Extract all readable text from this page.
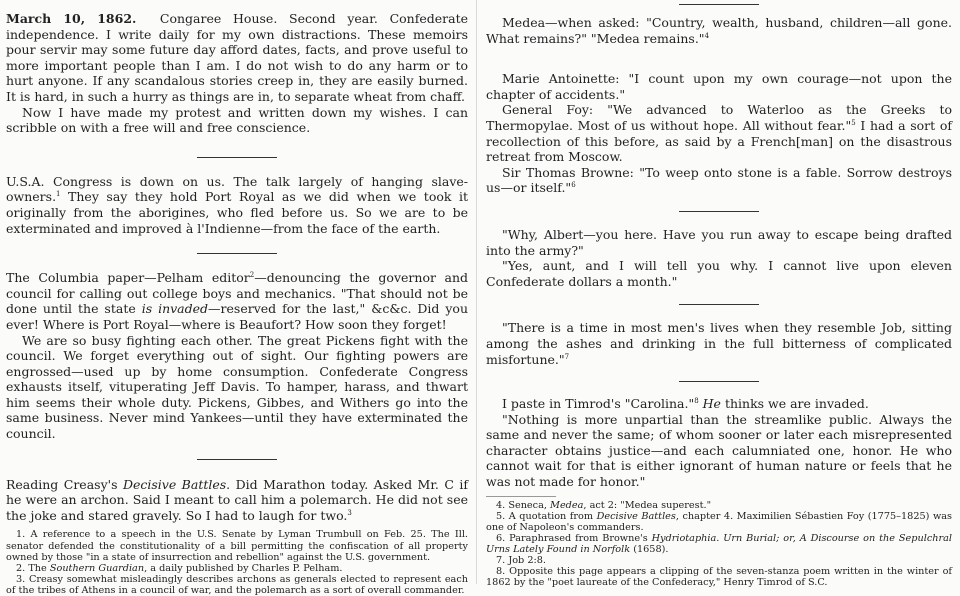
March 10, 1862. Congaree House. Second year. Confederate independence. I write daily for my own distractions. These memoirs pour servir may some future day afford dates, facts, and prove useful to more important people than I am. I do not wish to do any harm or to hurt anyone. If any scandalous stories creep in, they are easily burned. It is hard, in such a hurry as things are in, to separate wheat from chaff.

Now I have made my protest and written down my wishes. I can scribble on with a free will and free conscience.

U.S.A. Congress is down on us. The talk largely of hanging slave-owners.$^1$ They say they hold Port Royal as we did when we took it originally from the aborigines, who fled before us. So we are to be exterminated and improved à l'Indienne—from the face of the earth.

The Columbia paper—Pelham editor$^2$—denouncing the governor and council for calling out college boys and mechanics. "That should not be done until the state is invaded—reserved for the last," &c&c. Did you ever! Where is Port Royal—where is Beaufort? How soon they forget!

We are so busy fighting each other. The great Pickens fight with the council. We forget everything out of sight. Our fighting powers are engrossed—used up by home consumption. Confederate Congress exhausts itself, vituperating Jeff Davis. To hamper, harass, and thwart him seems their whole duty. Pickens, Gibbes, and Withers go into the same business. Never mind Yankees—until they have exterminated the council.

Reading Creasy's Decisive Battles. Did Marathon today. Asked Mr. C if he were an archon. Said I meant to call him a polemarch. He did not see the joke and stared gravely. So I had to laugh for two.$^3$

1. A reference to a speech in the U.S. Senate by Lyman Trumbull on Feb. 25. The Ill. senator defended the constitutionality of a bill permitting the confiscation of all property owned by those "in a state of insurrection and rebellion" against the U.S. government.

2. The Southern Guardian, a daily published by Charles P. Pelham.

3. Creasy somewhat misleadingly describes archons as generals elected to represent each of the tribes of Athens in a council of war, and the polemarch as a sort of overall commander.

Medea—when asked: "Country, wealth, husband, children—all gone. What remains?" "Medea remains."$^4$

Marie Antoinette: "I count upon my own courage—not upon the chapter of accidents."

General Foy: "We advanced to Waterloo as the Greeks to Thermopylae. Most of us without hope. All without fear."$^5$ I had a sort of recollection of this before, as said by a French[man] on the disastrous retreat from Moscow.

Sir Thomas Browne: "To weep onto stone is a fable. Sorrow destroys us—or itself."$^6$

"Why, Albert—you here. Have you run away to escape being drafted into the army?"

"Yes, aunt, and I will tell you why. I cannot live upon eleven Confederate dollars a month."

"There is a time in most men's lives when they resemble Job, sitting among the ashes and drinking in the full bitterness of complicated misfortune."$^7$

I paste in Timrod's "Carolina."$^8$ He thinks we are invaded.

"Nothing is more unpartial than the streamlike public. Always the same and never the same; of whom sooner or later each misrepresented character obtains justice—and each calumniated one, honor. He who cannot wait for that is either ignorant of human nature or feels that he was not made for honor."

4. Seneca, Medea, act 2: "Medea superest."

5. A quotation from Decisive Battles, chapter 4. Maximilien Sébastien Foy (1775–1825) was one of Napoleon's commanders.

6. Paraphrased from Browne's Hydriotaphia. Urn Burial; or, A Discourse on the Sepulchral Urns Lately Found in Norfolk (1658).

7. Job 2:8.

8. Opposite this page appears a clipping of the seven-stanza poem written in the winter of 1862 by the "poet laureate of the Confederacy," Henry Timrod of S.C.
